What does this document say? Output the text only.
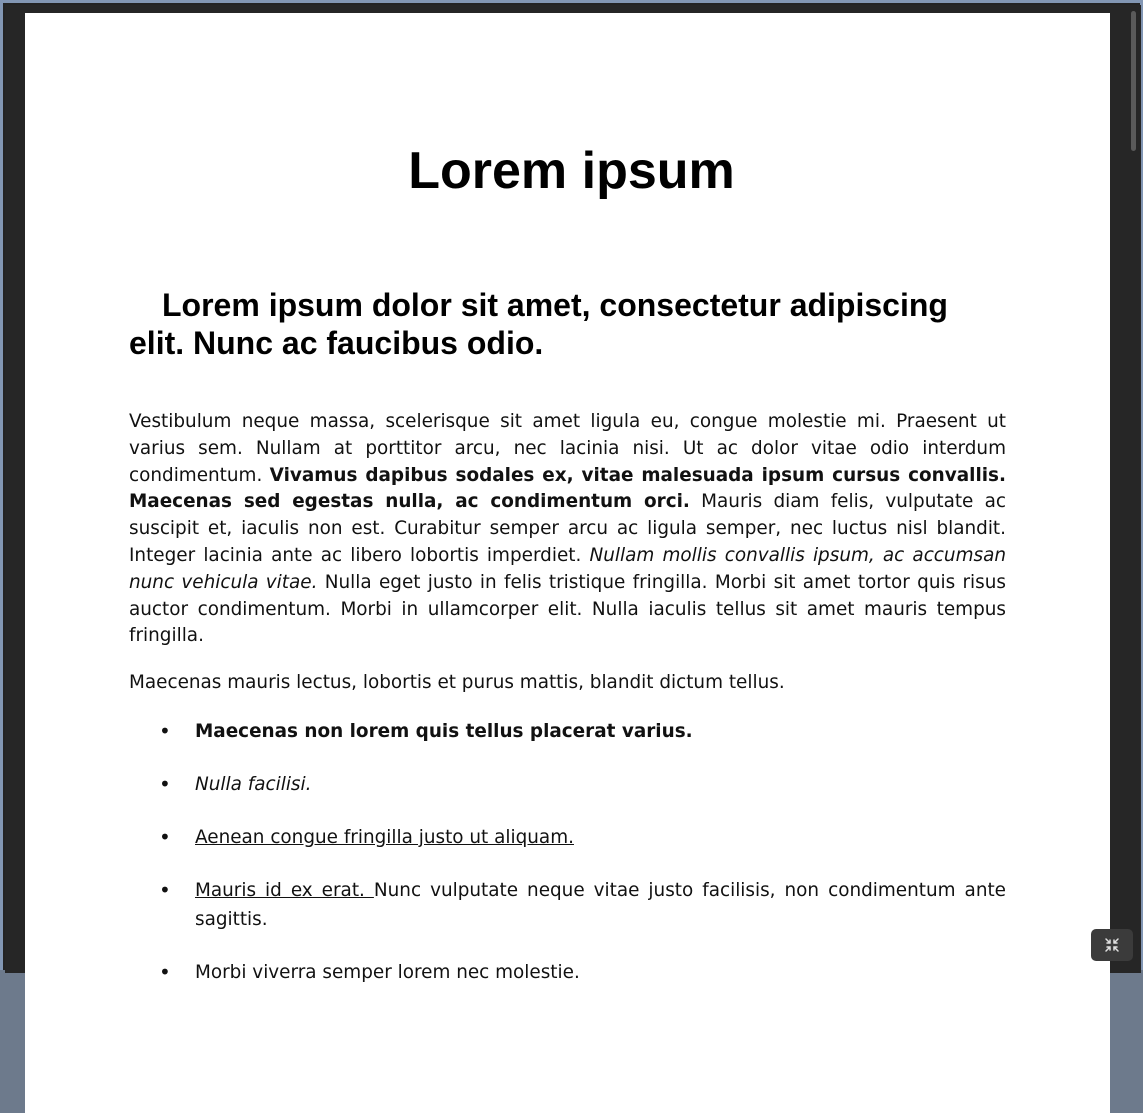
Lorem ipsum
Lorem ipsum dolor sit amet, consectetur adipiscing elit. Nunc ac faucibus odio.

Vestibulum neque massa, scelerisque sit amet ligula eu, congue molestie mi. Praesent ut varius sem. Nullam at porttitor arcu, nec lacinia nisi. Ut ac dolor vitae odio interdum condimentum. Vivamus dapibus sodales ex, vitae malesuada ipsum cursus convallis. Maecenas sed egestas nulla, ac condimentum orci. Mauris diam felis, vulputate ac suscipit et, iaculis non est. Curabitur semper arcu ac ligula semper, nec luctus nisl blandit. Integer lacinia ante ac libero lobortis imperdiet. Nullam mollis convallis ipsum, ac accumsan nunc vehicula vitae. Nulla eget justo in felis tristique fringilla. Morbi sit amet tortor quis risus auctor condimentum. Morbi in ullamcorper elit. Nulla iaculis tellus sit amet mauris tempus fringilla.

Maecenas mauris lectus, lobortis et purus mattis, blandit dictum tellus.

• Maecenas non lorem quis tellus placerat varius.
• Nulla facilisi.
• Aenean congue fringilla justo ut aliquam.
• Mauris id ex erat. Nunc vulputate neque vitae justo facilisis, non condimentum ante sagittis.
• Morbi viverra semper lorem nec molestie.
